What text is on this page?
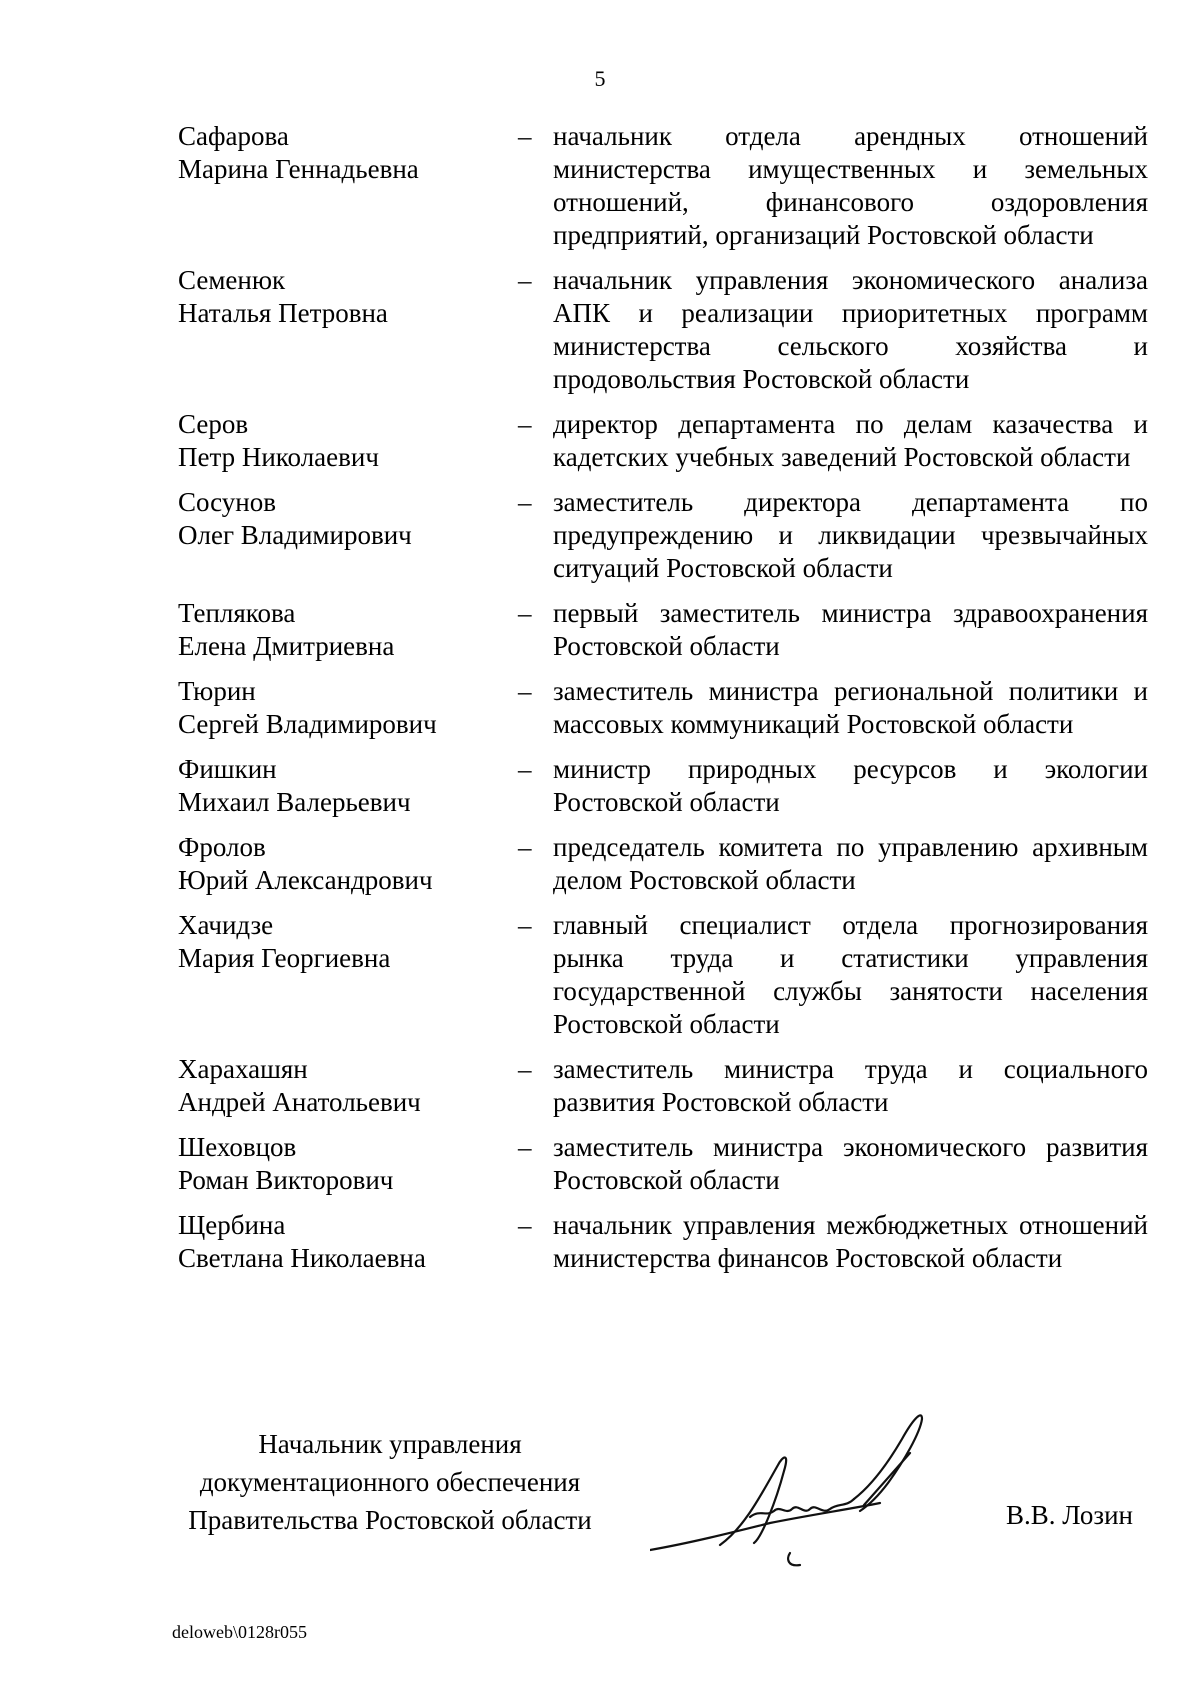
5
Сафарова
Марина Геннадьевна
– начальник отдела арендных отношений министерства имущественных и земельных отношений, финансового оздоровления предприятий, организаций Ростовской области
Семенюк
Наталья Петровна
– начальник управления экономического анализа АПК и реализации приоритетных программ министерства сельского хозяйства и продовольствия Ростовской области
Серов
Петр Николаевич
– директор департамента по делам казачества и кадетских учебных заведений Ростовской области
Сосунов
Олег Владимирович
– заместитель директора департамента по предупреждению и ликвидации чрезвычайных ситуаций Ростовской области
Теплякова
Елена Дмитриевна
– первый заместитель министра здравоохранения Ростовской области
Тюрин
Сергей Владимирович
– заместитель министра региональной политики и массовых коммуникаций Ростовской области
Фишкин
Михаил Валерьевич
– министр природных ресурсов и экологии Ростовской области
Фролов
Юрий Александрович
– председатель комитета по управлению архивным делом Ростовской области
Хачидзе
Мария Георгиевна
– главный специалист отдела прогнозирования рынка труда и статистики управления государственной службы занятости населения Ростовской области
Харахашян
Андрей Анатольевич
– заместитель министра труда и социального развития Ростовской области
Шеховцов
Роман Викторович
– заместитель министра экономического развития Ростовской области
Щербина
Светлана Николаевна
– начальник управления межбюджетных отношений министерства финансов Ростовской области
Начальник управления
документационного обеспечения
Правительства Ростовской области	В.В. Лозин
deloweb\0128r055
